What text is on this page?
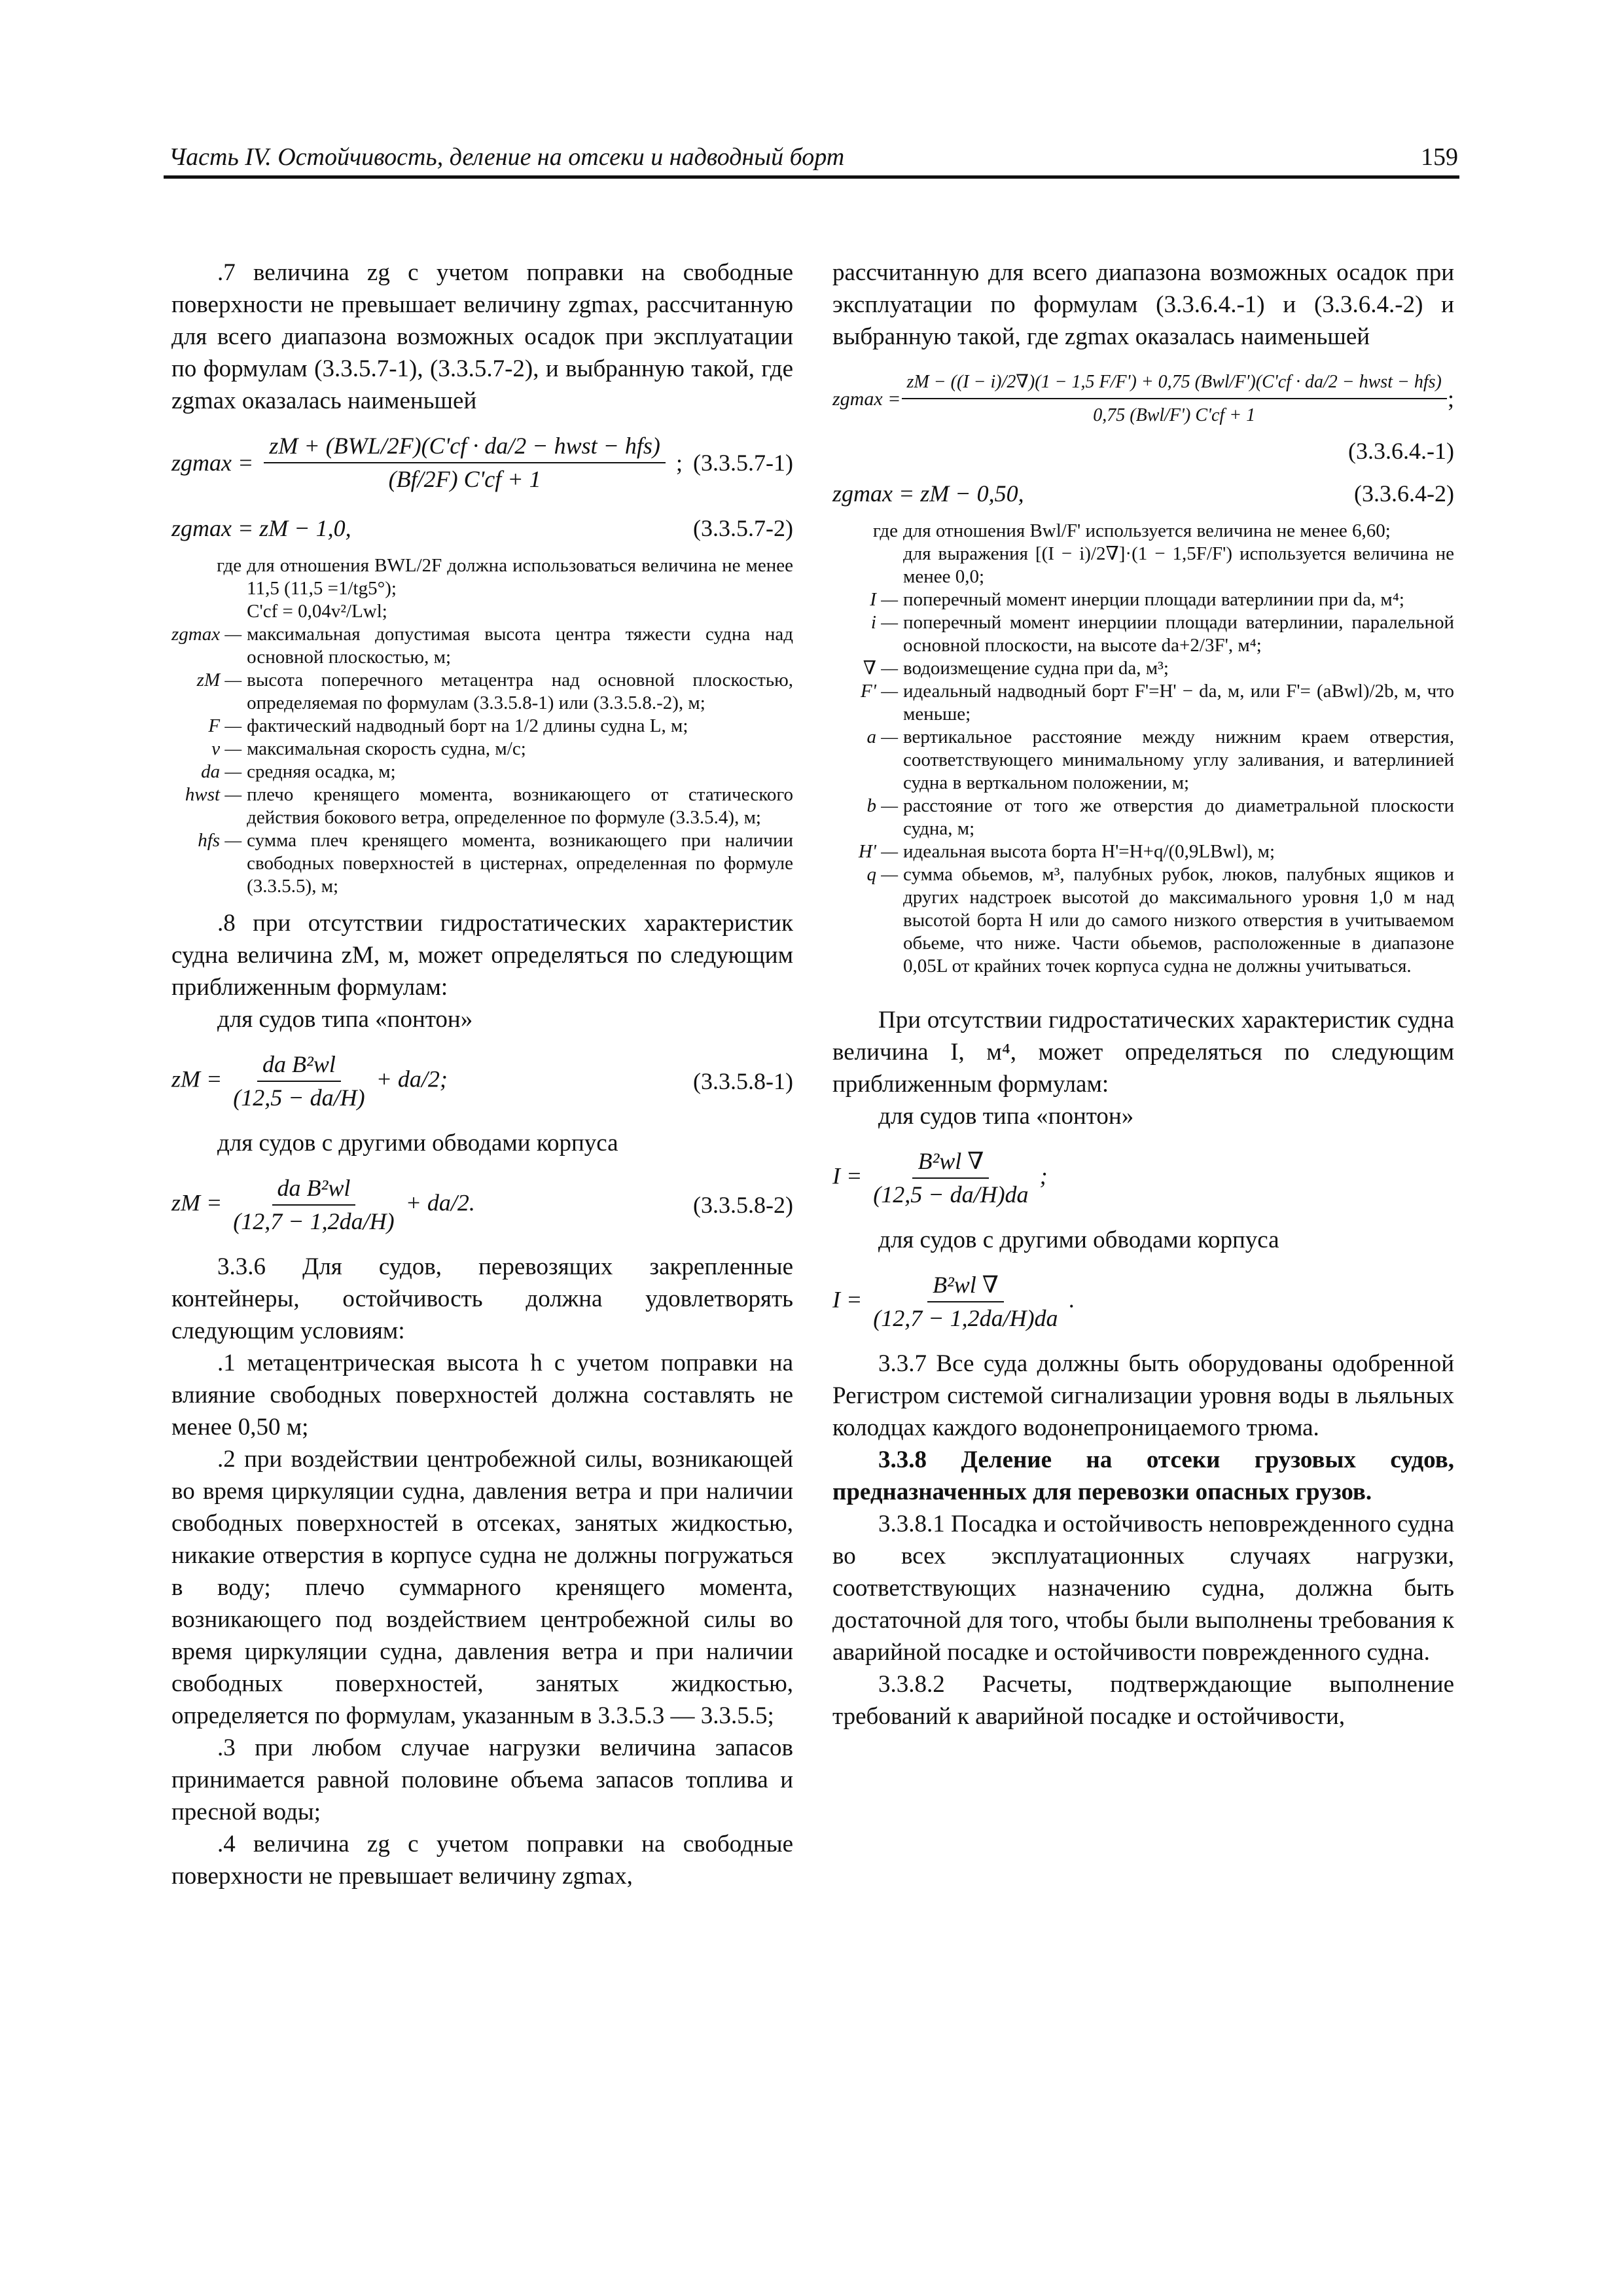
Часть IV. Остойчивость, деление на отсеки и надводный борт	159

.7 величина zg с учетом поправки на свободные поверхности не превышает величину zgmax, рассчитанную для всего диапазона возможных осадок при эксплуатации по формулам (3.3.5.7-1), (3.3.5.7-2), и выбранную такой, где zgmax оказалась наименьшей

zgmax =
zM + (BWL/2F)(C'cf · da/2 − hwst − hfs)
(Bf/2F) C'cf + 1
; (3.3.5.7-1)
zgmax = zM − 1,0,	(3.3.5.7-2)
где	для отношения BWL/2F должна использоваться величина не менее 11,5 (11,5 =1/tg5°);
	C'cf = 0,04v²/Lwl;
zgmax —	максимальная допустимая высота центра тяжести судна над основной плоскостью, м;
zM —	высота поперечного метацентра над основной плоскостью, определяемая по формулам (3.3.5.8-1) или (3.3.5.8.-2), м;
F —	фактический надводный борт на 1/2 длины судна L, м;
v —	максимальная скорость судна, м/с;
da —	средняя осадка, м;
hwst —	плечо кренящего момента, возникающего от статического действия бокового ветра, определенное по формуле (3.3.5.4), м;
hfs —	сумма плеч кренящего момента, возникающего при наличии свободных поверхностей в цистернах, определенная по формуле (3.3.5.5), м;

.8 при отсутствии гидростатических характеристик судна величина zM, м, может определяться по следующим приближенным формулам:

для судов типа «понтон»

zM = $\frac{\text{da B²wl}}{(12,5 - da/H)} + da/2$;	(3.3.5.8-1)

для судов с другими обводами корпуса

zM = $\frac{\text{da B²wl}}{(12,7 - 1,2da/H)} + da/2$.	(3.3.5.8-2)

3.3.6 Для судов, перевозящих закрепленные контейнеры, остойчивость должна удовлетворять следующим условиям:

.1 метацентрическая высота h с учетом поправки на влияние свободных поверхностей должна составлять не менее 0,50 м;

.2 при воздействии центробежной силы, возникающей во время циркуляции судна, давления ветра и при наличии свободных поверхностей в отсеках, занятых жидкостью, никакие отверстия в корпусе судна не должны погружаться в воду; плечо суммарного кренящего момента, возникающего под воздействием центробежной силы во время циркуляции судна, давления ветра и при наличии свободных поверхностей, занятых жидкостью, определяется по формулам, указанным в 3.3.5.3 — 3.3.5.5;

.3 при любом случае нагрузки величина запасов принимается равной половине объема запасов топлива и пресной воды;

.4 величина zg с учетом поправки на свободные поверхности не превышает величину zgmax,

рассчитанную для всего диапазона возможных осадок при эксплуатации по формулам (3.3.6.4.-1) и (3.3.6.4.-2) и выбранную такой, где zgmax оказалась наименьшей

zgmax =
zM − ((I − i)/2∇)(1 − 1,5 F/F') + 0,75 (Bwl/F')(C'cf · da/2 − hwst − hfs)
0,75 (Bwl/F') C'cf + 1
;
(3.3.6.4.-1)
zgmax = zM − 0,50,	(3.3.6.4-2)
где	для отношения Bwl/F' используется величина не менее 6,60;
	для выражения [(I − i)/2∇]·(1 − 1,5F/F') используется величина не менее 0,0;
I —	поперечный момент инерции площади ватерлинии при da, м⁴;
i —	поперечный момент инерциии площади ватерлинии, паралельной основной плоскости, на высоте da+2/3F', м⁴;
∇ —	водоизмещение судна при da, м³;
F' —	идеальный надводный борт F'=H' − da, м, или F'= (aBwl)/2b, м, что меньше;
a —	вертикальное расстояние между нижним краем отверстия, соответствующего минимальному углу заливания, и ватерлинией судна в верткальном положении, м;
b —	расстояние от того же отверстия до диаметральной плоскости судна, м;
H' —	идеальная высота борта H'=H+q/(0,9LBwl), м;
q —	сумма обьемов, м³, палубных рубок, люков, палубных ящиков и других надстроек высотой до максимального уровня 1,0 м над высотой борта H или до самого низкого отверстия в учитываемом обьеме, что ниже. Части обьемов, расположенные в диапазоне 0,05L от крайних точек корпуса судна не должны учитываться.

При отсутствии гидростатических характеристик судна величина I, м⁴, может определяться по следующим приближенным формулам:

для судов типа «понтон»

$I = \frac{\text{B²wl ∇}}{(12,5 - da/H)da}$ ;

для судов с другими обводами корпуса

$I = \frac{\text{B²wl ∇}}{(12,7 - 1,2da/H)da}$ .

3.3.7 Все суда должны быть оборудованы одобренной Регистром системой сигнализации уровня воды в льяльных колодцах каждого водонепроницаемого трюма.

3.3.8 Деление на отсеки грузовых судов, предназначенных для перевозки опасных грузов.

3.3.8.1 Посадка и остойчивость неповрежденного судна во всех эксплуатационных случаях нагрузки, соответствующих назначению судна, должна быть достаточной для того, чтобы были выполнены требования к аварийной посадке и остойчивости поврежденного судна.

3.3.8.2 Расчеты, подтверждающие выполнение требований к аварийной посадке и остойчивости,
